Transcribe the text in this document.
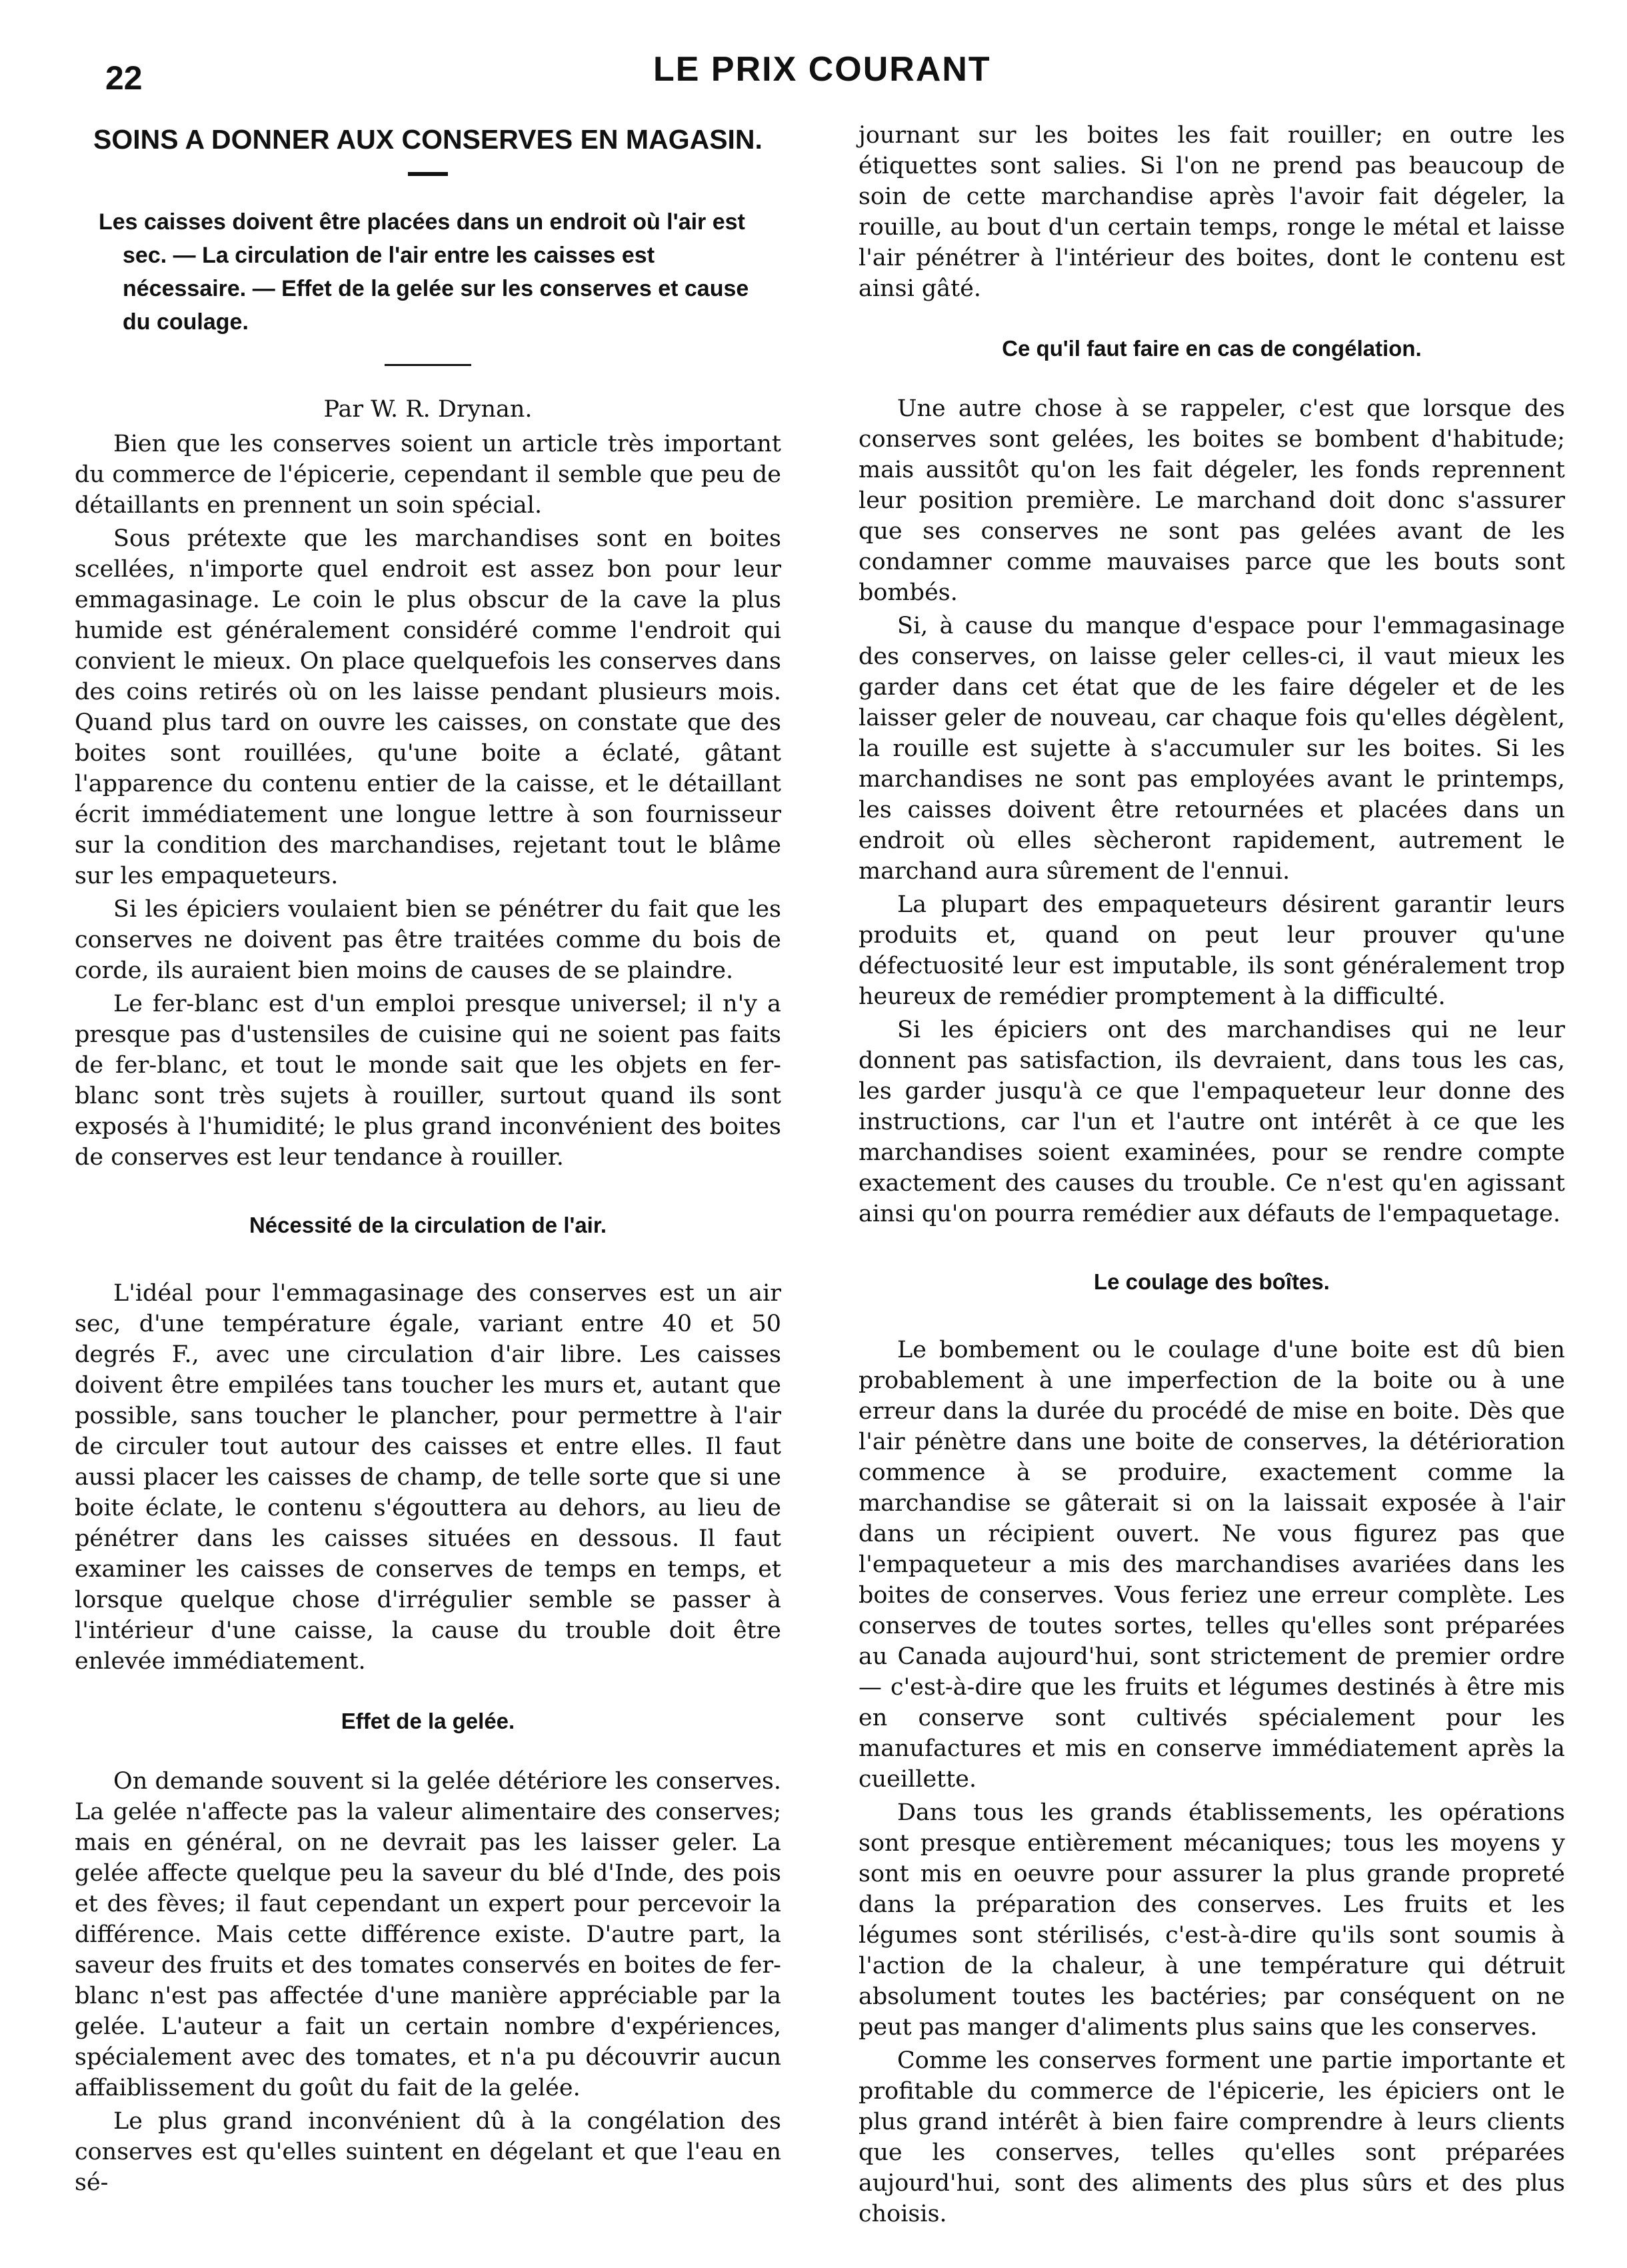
22	LE PRIX COURANT
SOINS A DONNER AUX CONSERVES EN MAGASIN.
Les caisses doivent être placées dans un endroit où l'air est sec. — La circulation de l'air entre les caisses est nécessaire. — Effet de la gelée sur les conserves et cause du coulage.
Par W. R. Drynan.

Bien que les conserves soient un article très important du commerce de l'épicerie, cependant il semble que peu de détaillants en prennent un soin spécial.

Sous prétexte que les marchandises sont en boites scellées, n'importe quel endroit est assez bon pour leur emmagasinage. Le coin le plus obscur de la cave la plus humide est généralement considéré comme l'endroit qui convient le mieux. On place quelquefois les conserves dans des coins retirés où on les laisse pendant plusieurs mois. Quand plus tard on ouvre les caisses, on constate que des boites sont rouillées, qu'une boite a éclaté, gâtant l'apparence du contenu entier de la caisse, et le détaillant écrit immédiatement une longue lettre à son fournisseur sur la condition des marchandises, rejetant tout le blâme sur les empaqueteurs.

Si les épiciers voulaient bien se pénétrer du fait que les conserves ne doivent pas être traitées comme du bois de corde, ils auraient bien moins de causes de se plaindre.

Le fer-blanc est d'un emploi presque universel; il n'y a presque pas d'ustensiles de cuisine qui ne soient pas faits de fer-blanc, et tout le monde sait que les objets en fer-blanc sont très sujets à rouiller, surtout quand ils sont exposés à l'humidité; le plus grand inconvénient des boites de conserves est leur tendance à rouiller.

Nécessité de la circulation de l'air.

L'idéal pour l'emmagasinage des conserves est un air sec, d'une température égale, variant entre 40 et 50 degrés F., avec une circulation d'air libre. Les caisses doivent être empilées tans toucher les murs et, autant que possible, sans toucher le plancher, pour permettre à l'air de circuler tout autour des caisses et entre elles. Il faut aussi placer les caisses de champ, de telle sorte que si une boite éclate, le contenu s'égouttera au dehors, au lieu de pénétrer dans les caisses situées en dessous. Il faut examiner les caisses de conserves de temps en temps, et lorsque quelque chose d'irrégulier semble se passer à l'intérieur d'une caisse, la cause du trouble doit être enlevée immédiatement.

Effet de la gelée.

On demande souvent si la gelée détériore les conserves. La gelée n'affecte pas la valeur alimentaire des conserves; mais en général, on ne devrait pas les laisser geler. La gelée affecte quelque peu la saveur du blé d'Inde, des pois et des fèves; il faut cependant un expert pour percevoir la différence. Mais cette différence existe. D'autre part, la saveur des fruits et des tomates conservés en boites de fer-blanc n'est pas affectée d'une manière appréciable par la gelée. L'auteur a fait un certain nombre d'expériences, spécialement avec des tomates, et n'a pu découvrir aucun affaiblissement du goût du fait de la gelée.

Le plus grand inconvénient dû à la congélation des conserves est qu'elles suintent en dégelant et que l'eau en sé-

journant sur les boites les fait rouiller; en outre les étiquettes sont salies. Si l'on ne prend pas beaucoup de soin de cette marchandise après l'avoir fait dégeler, la rouille, au bout d'un certain temps, ronge le métal et laisse l'air pénétrer à l'intérieur des boites, dont le contenu est ainsi gâté.

Ce qu'il faut faire en cas de congélation.

Une autre chose à se rappeler, c'est que lorsque des conserves sont gelées, les boites se bombent d'habitude; mais aussitôt qu'on les fait dégeler, les fonds reprennent leur position première. Le marchand doit donc s'assurer que ses conserves ne sont pas gelées avant de les condamner comme mauvaises parce que les bouts sont bombés.

Si, à cause du manque d'espace pour l'emmagasinage des conserves, on laisse geler celles-ci, il vaut mieux les garder dans cet état que de les faire dégeler et de les laisser geler de nouveau, car chaque fois qu'elles dégèlent, la rouille est sujette à s'accumuler sur les boites. Si les marchandises ne sont pas employées avant le printemps, les caisses doivent être retournées et placées dans un endroit où elles sècheront rapidement, autrement le marchand aura sûrement de l'ennui.

La plupart des empaqueteurs désirent garantir leurs produits et, quand on peut leur prouver qu'une défectuosité leur est imputable, ils sont généralement trop heureux de remédier promptement à la difficulté.

Si les épiciers ont des marchandises qui ne leur donnent pas satisfaction, ils devraient, dans tous les cas, les garder jusqu'à ce que l'empaqueteur leur donne des instructions, car l'un et l'autre ont intérêt à ce que les marchandises soient examinées, pour se rendre compte exactement des causes du trouble. Ce n'est qu'en agissant ainsi qu'on pourra remédier aux défauts de l'empaquetage.

Le coulage des boîtes.

Le bombement ou le coulage d'une boite est dû bien probablement à une imperfection de la boite ou à une erreur dans la durée du procédé de mise en boite. Dès que l'air pénètre dans une boite de conserves, la détérioration commence à se produire, exactement comme la marchandise se gâterait si on la laissait exposée à l'air dans un récipient ouvert. Ne vous figurez pas que l'empaqueteur a mis des marchandises avariées dans les boites de conserves. Vous feriez une erreur complète. Les conserves de toutes sortes, telles qu'elles sont préparées au Canada aujourd'hui, sont strictement de premier ordre — c'est-à-dire que les fruits et légumes destinés à être mis en conserve sont cultivés spécialement pour les manufactures et mis en conserve immédiatement après la cueillette.

Dans tous les grands établissements, les opérations sont presque entièrement mécaniques; tous les moyens y sont mis en oeuvre pour assurer la plus grande propreté dans la préparation des conserves. Les fruits et les légumes sont stérilisés, c'est-à-dire qu'ils sont soumis à l'action de la chaleur, à une température qui détruit absolument toutes les bactéries; par conséquent on ne peut pas manger d'aliments plus sains que les conserves.

Comme les conserves forment une partie importante et profitable du commerce de l'épicerie, les épiciers ont le plus grand intérêt à bien faire comprendre à leurs clients que les conserves, telles qu'elles sont préparées aujourd'hui, sont des aliments des plus sûrs et des plus choisis.
